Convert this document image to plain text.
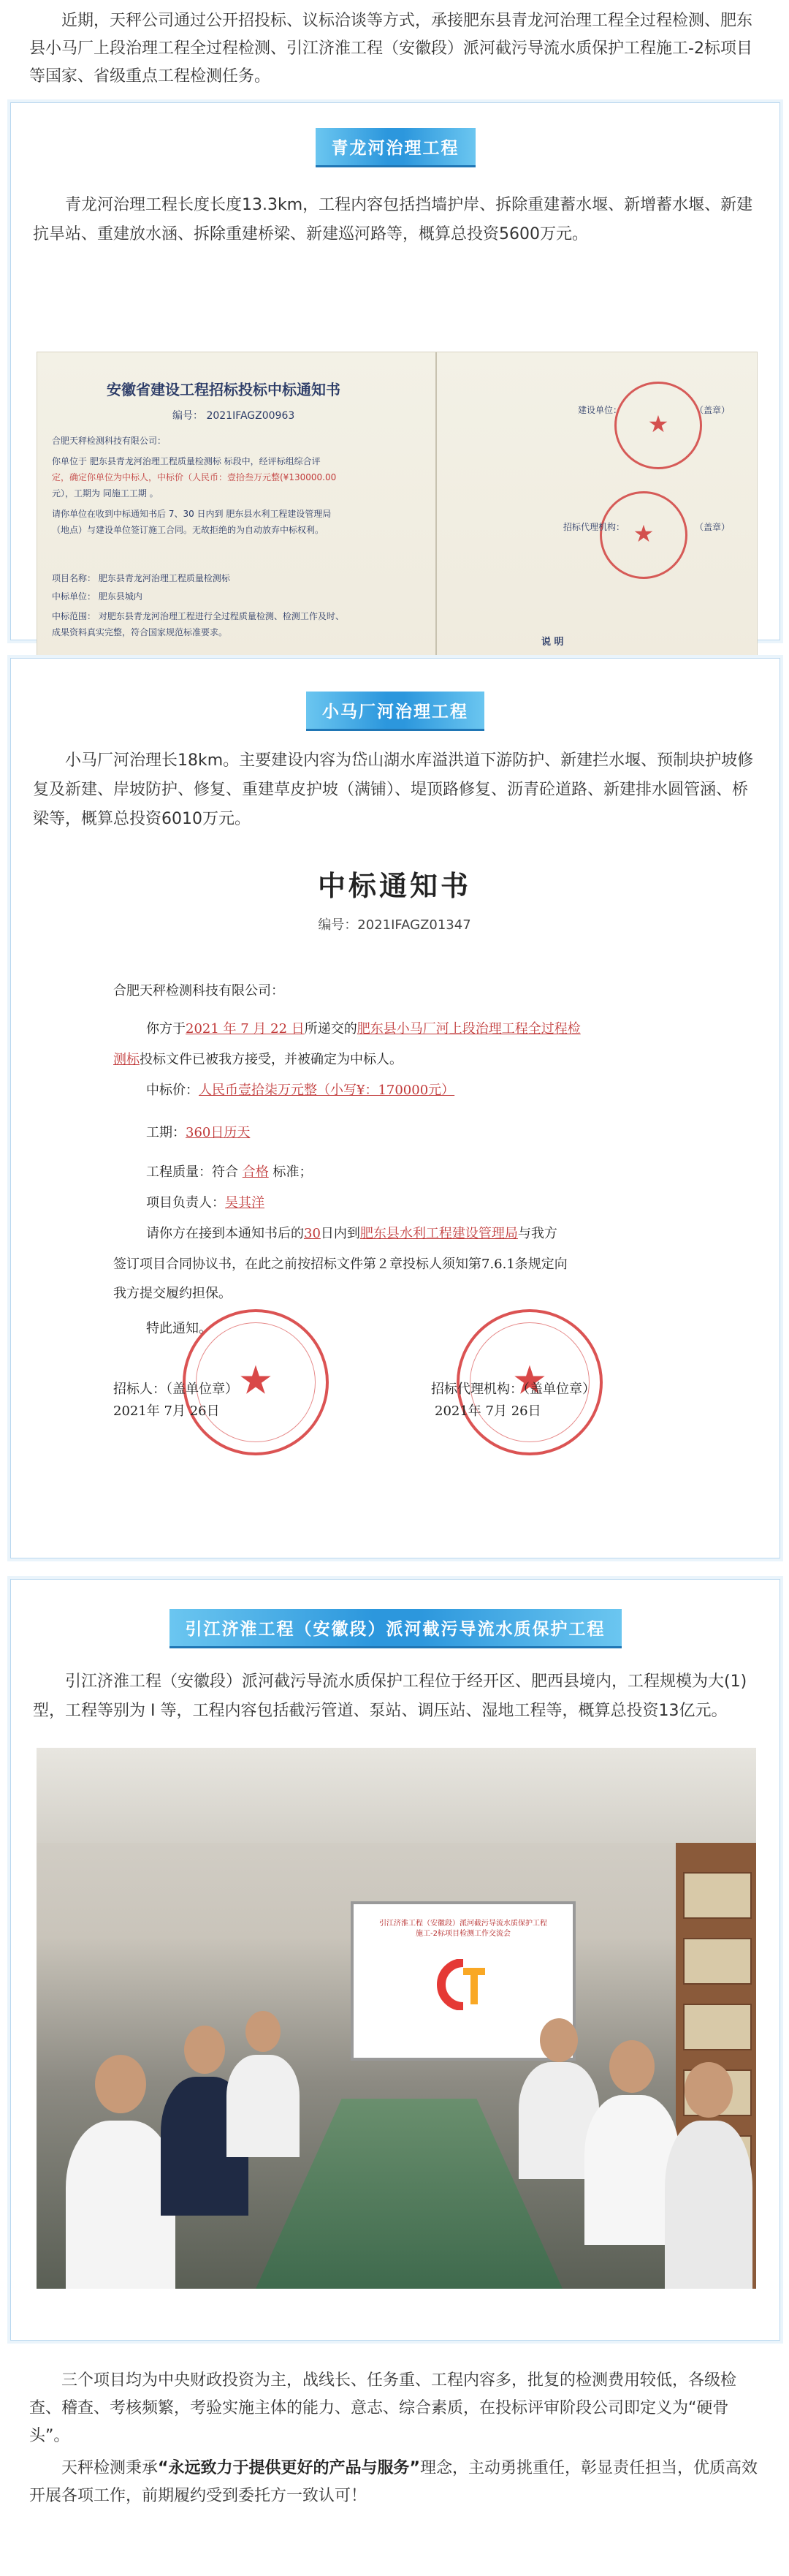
近期，天秤公司通过公开招投标、议标洽谈等方式，承接肥东县青龙河治理工程全过程检测、肥东县小马厂上段治理工程全过程检测、引江济淮工程（安徽段）派河截污导流水质保护工程施工-2标项目等国家、省级重点工程检测任务。

青龙河治理工程
青龙河治理工程长度长度13.3km，工程内容包括挡墙护岸、拆除重建蓄水堰、新增蓄水堰、新建抗旱站、重建放水涵、拆除重建桥梁、新建巡河路等，概算总投资5600万元。
安徽省建设工程招标投标中标通知书
编号： 2021IFAGZ00963
合肥天秤检测科技有限公司：
你单位于 肥东县青龙河治理工程质量检测标 标段中，经评标组综合评
定，确定你单位为中标人，中标价（人民币：壹拾叁万元整(¥130000.00
元），工期为 同施工工期 。
请你单位在收到中标通知书后 7、30 日内到 肥东县水利工程建设管理局
（地点）与建设单位签订施工合同。无故拒绝的为自动放弃中标权利。
项目名称： 肥东县青龙河治理工程质量检测标
中标单位： 肥东县城内
中标范围： 对肥东县青龙河治理工程进行全过程质量检测、检测工作及时、
成果资料真实完整，符合国家规范标准要求。
★
★
建设单位：
招标代理机构：
（盖章）
（盖章）
说 明
小马厂河治理工程
小马厂河治理长18km。主要建设内容为岱山湖水库溢洪道下游防护、新建拦水堰、预制块护坡修复及新建、岸坡防护、修复、重建草皮护坡（满铺）、堤顶路修复、沥青砼道路、新建排水圆管涵、桥梁等，概算总投资6010万元。
中标通知书
编号：2021IFAGZ01347
合肥天秤检测科技有限公司：
你方于2021 年 7 月 22 日所递交的肥东县小马厂河上段治理工程全过程检
测标投标文件已被我方接受，并被确定为中标人。
中标价：人民币壹拾柒万元整（小写¥：170000元）
工期：360日历天
工程质量：符合 合格 标准；
项目负责人：吴其洋
请你方在接到本通知书后的30日内到肥东县水利工程建设管理局与我方
签订项目合同协议书，在此之前按招标文件第２章投标人须知第7.6.1条规定向
我方提交履约担保。
特此通知。
★
★
招标人：（盖单位章）	招标代理机构：（盖单位章）
2021年 7月 26日	2021年 7月 26日
引江济淮工程（安徽段）派河截污导流水质保护工程
引江济淮工程（安徽段）派河截污导流水质保护工程位于经开区、肥西县境内，工程规模为大(1)型，工程等别为 Ⅰ 等，工程内容包括截污管道、泵站、调压站、湿地工程等，概算总投资13亿元。
引江济淮工程（安徽段）派河截污导流水质保护工程
施工-2标项目检测工作交流会

三个项目均为中央财政投资为主，战线长、任务重、工程内容多，批复的检测费用较低，各级检查、稽查、考核频繁，考验实施主体的能力、意志、综合素质，在投标评审阶段公司即定义为“硬骨头”。

天秤检测秉承“永远致力于提供更好的产品与服务”理念，主动勇挑重任，彰显责任担当，优质高效开展各项工作，前期履约受到委托方一致认可！
